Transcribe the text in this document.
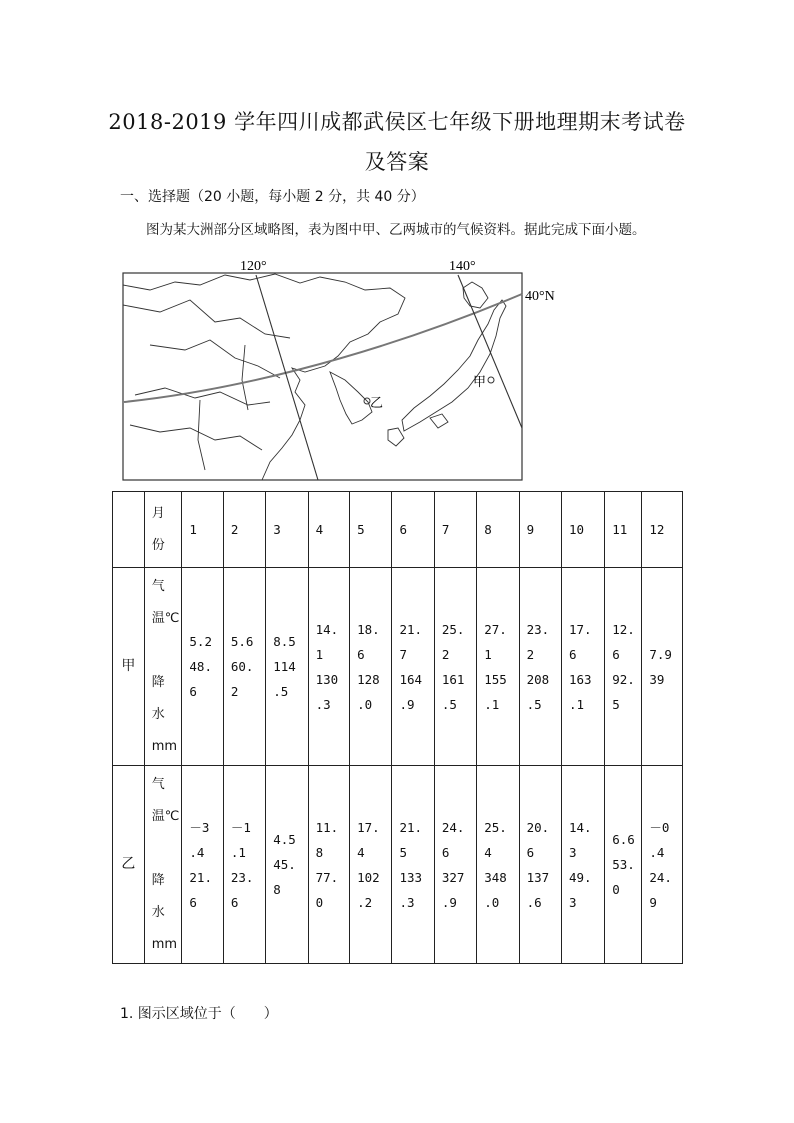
2018-2019 学年四川成都武侯区七年级下册地理期末考试卷
及答案
一、选择题（20 小题，每小题 2 分，共 40 分）
图为某大洲部分区域略图，表为图中甲、乙两城市的气候资料。据此完成下面小题。
120°	140°
40°N
甲
乙
	月
份	1	2	3	4	5	6	7	8	9	10	11	12
甲	气
温℃

降
水
mm	5.2
48.
6	5.6
60.
2	8.5
114
.5	14.
1
130
.3	18.
6
128
.0	21.
7
164
.9	25.
2
161
.5	27.
1
155
.1	23.
2
208
.5	17.
6
163
.1	12.
6
92.
5	7.9
39
乙	气
温℃

降
水
mm	－3
.4
21.
6	－1
.1
23.
6	4.5
45.
8	11.
8
77.
0	17.
4
102
.2	21.
5
133
.3	24.
6
327
.9	25.
4
348
.0	20.
6
137
.6	14.
3
49.
3	6.6
53.
0	－0
.4
24.
9
1. 图示区域位于（　　）
